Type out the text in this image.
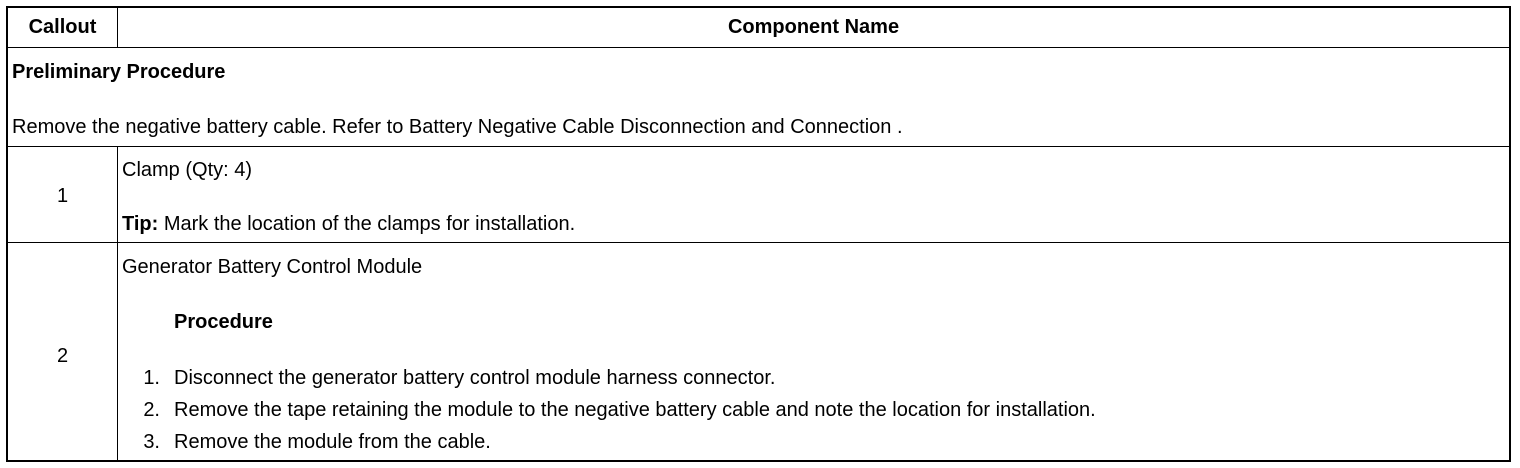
Callout	Component Name
Preliminary Procedure
Remove the negative battery cable. Refer to Battery Negative Cable Disconnection and Connection .
1
Clamp (Qty: 4)
Tip: Mark the location of the clamps for installation.
2
Generator Battery Control Module
Procedure
1. Disconnect the generator battery control module harness connector.
2. Remove the tape retaining the module to the negative battery cable and note the location for installation.
3. Remove the module from the cable.
